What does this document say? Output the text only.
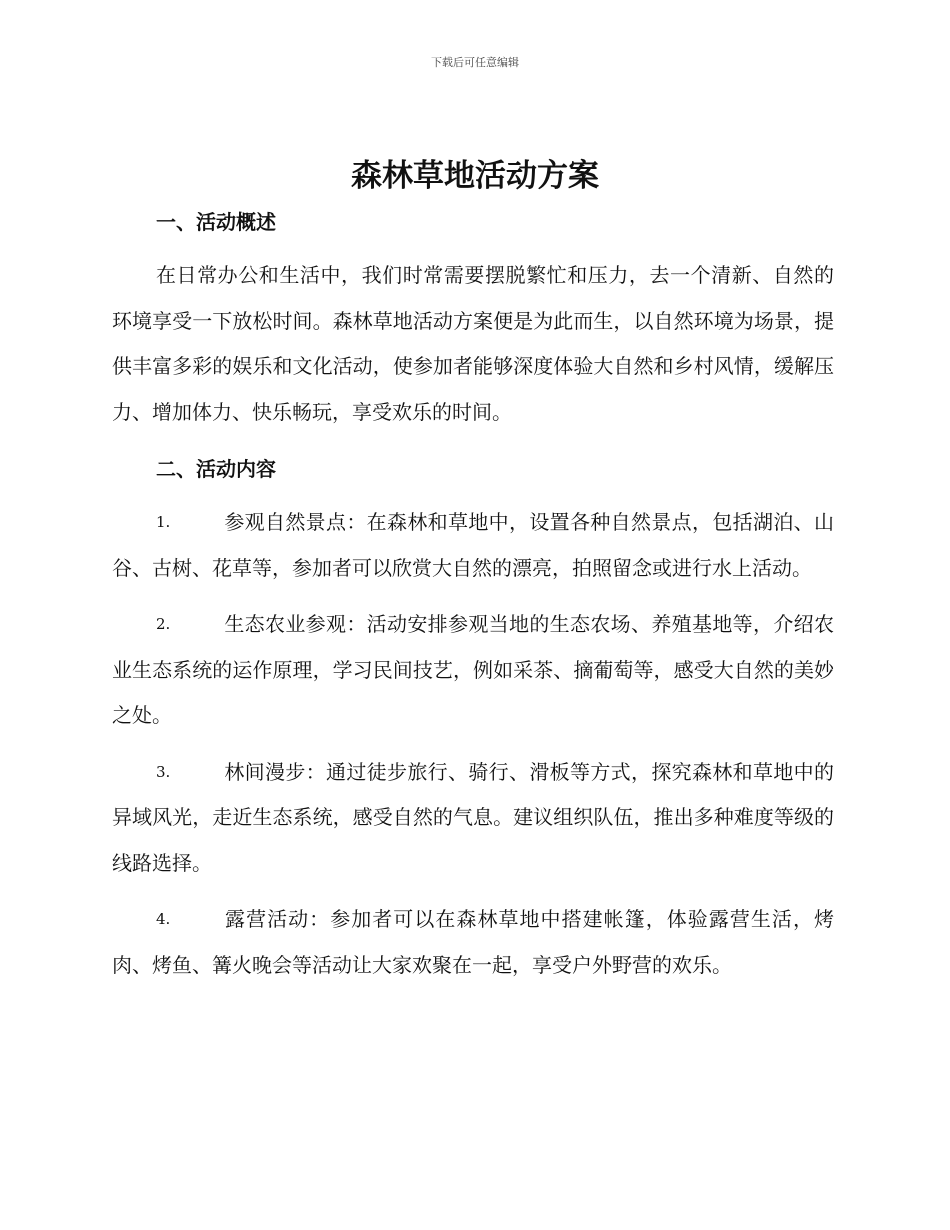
下载后可任意编辑
森林草地活动方案
一、活动概述

在日常办公和生活中，我们时常需要摆脱繁忙和压力，去一个清新、自然的环境享受一下放松时间。森林草地活动方案便是为此而生，以自然环境为场景，提供丰富多彩的娱乐和文化活动，使参加者能够深度体验大自然和乡村风情，缓解压力、增加体力、快乐畅玩，享受欢乐的时间。

二、活动内容

1.	参观自然景点：在森林和草地中，设置各种自然景点，包括湖泊、山谷、古树、花草等，参加者可以欣赏大自然的漂亮，拍照留念或进行水上活动。

2.	生态农业参观：活动安排参观当地的生态农场、养殖基地等，介绍农业生态系统的运作原理，学习民间技艺，例如采茶、摘葡萄等，感受大自然的美妙之处。

3.	林间漫步：通过徒步旅行、骑行、滑板等方式，探究森林和草地中的异域风光，走近生态系统，感受自然的气息。建议组织队伍，推出多种难度等级的线路选择。

4.	露营活动：参加者可以在森林草地中搭建帐篷，体验露营生活，烤肉、烤鱼、篝火晚会等活动让大家欢聚在一起，享受户外野营的欢乐。
